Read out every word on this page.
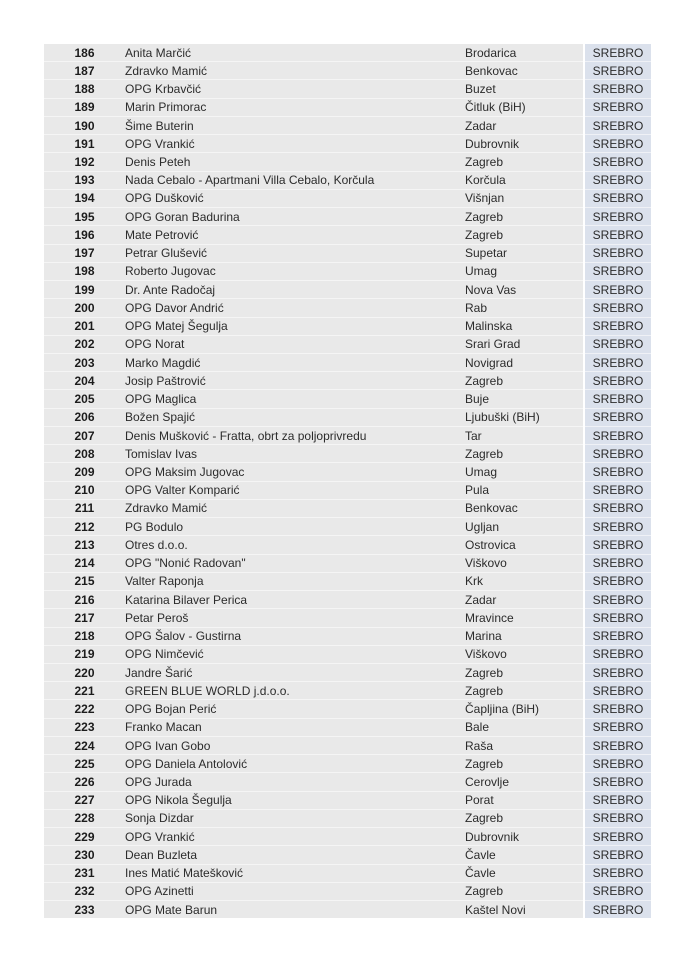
186	Anita Marčić	Brodarica	SREBRO
187	Zdravko Mamić	Benkovac	SREBRO
188	OPG Krbavčić	Buzet	SREBRO
189	Marin Primorac	Čitluk (BiH)	SREBRO
190	Šime Buterin	Zadar	SREBRO
191	OPG Vrankić	Dubrovnik	SREBRO
192	Denis Peteh	Zagreb	SREBRO
193	Nada Cebalo - Apartmani Villa Cebalo, Korčula	Korčula	SREBRO
194	OPG Dušković	Višnjan	SREBRO
195	OPG Goran Badurina	Zagreb	SREBRO
196	Mate Petrović	Zagreb	SREBRO
197	Petrar Glušević	Supetar	SREBRO
198	Roberto Jugovac	Umag	SREBRO
199	Dr. Ante Radočaj	Nova Vas	SREBRO
200	OPG Davor Andrić	Rab	SREBRO
201	OPG Matej Šegulja	Malinska	SREBRO
202	OPG Norat	Srari Grad	SREBRO
203	Marko Magdić	Novigrad	SREBRO
204	Josip Paštrović	Zagreb	SREBRO
205	OPG Maglica	Buje	SREBRO
206	Božen Spajić	Ljubuški (BiH)	SREBRO
207	Denis Mušković - Fratta, obrt za poljoprivredu	Tar	SREBRO
208	Tomislav Ivas	Zagreb	SREBRO
209	OPG Maksim Jugovac	Umag	SREBRO
210	OPG Valter Komparić	Pula	SREBRO
211	Zdravko Mamić	Benkovac	SREBRO
212	PG Bodulo	Ugljan	SREBRO
213	Otres d.o.o.	Ostrovica	SREBRO
214	OPG "Nonić Radovan"	Viškovo	SREBRO
215	Valter Raponja	Krk	SREBRO
216	Katarina Bilaver Perica	Zadar	SREBRO
217	Petar Peroš	Mravince	SREBRO
218	OPG Šalov - Gustirna	Marina	SREBRO
219	OPG Nimčević	Viškovo	SREBRO
220	Jandre Šarić	Zagreb	SREBRO
221	GREEN BLUE WORLD j.d.o.o.	Zagreb	SREBRO
222	OPG Bojan Perić	Čapljina (BiH)	SREBRO
223	Franko Macan	Bale	SREBRO
224	OPG Ivan Gobo	Raša	SREBRO
225	OPG Daniela Antolović	Zagreb	SREBRO
226	OPG Jurada	Cerovlje	SREBRO
227	OPG Nikola Šegulja	Porat	SREBRO
228	Sonja Dizdar	Zagreb	SREBRO
229	OPG Vrankić	Dubrovnik	SREBRO
230	Dean Buzleta	Čavle	SREBRO
231	Ines Matić Matešković	Čavle	SREBRO
232	OPG Azinetti	Zagreb	SREBRO
233	OPG Mate Barun	Kaštel Novi	SREBRO
